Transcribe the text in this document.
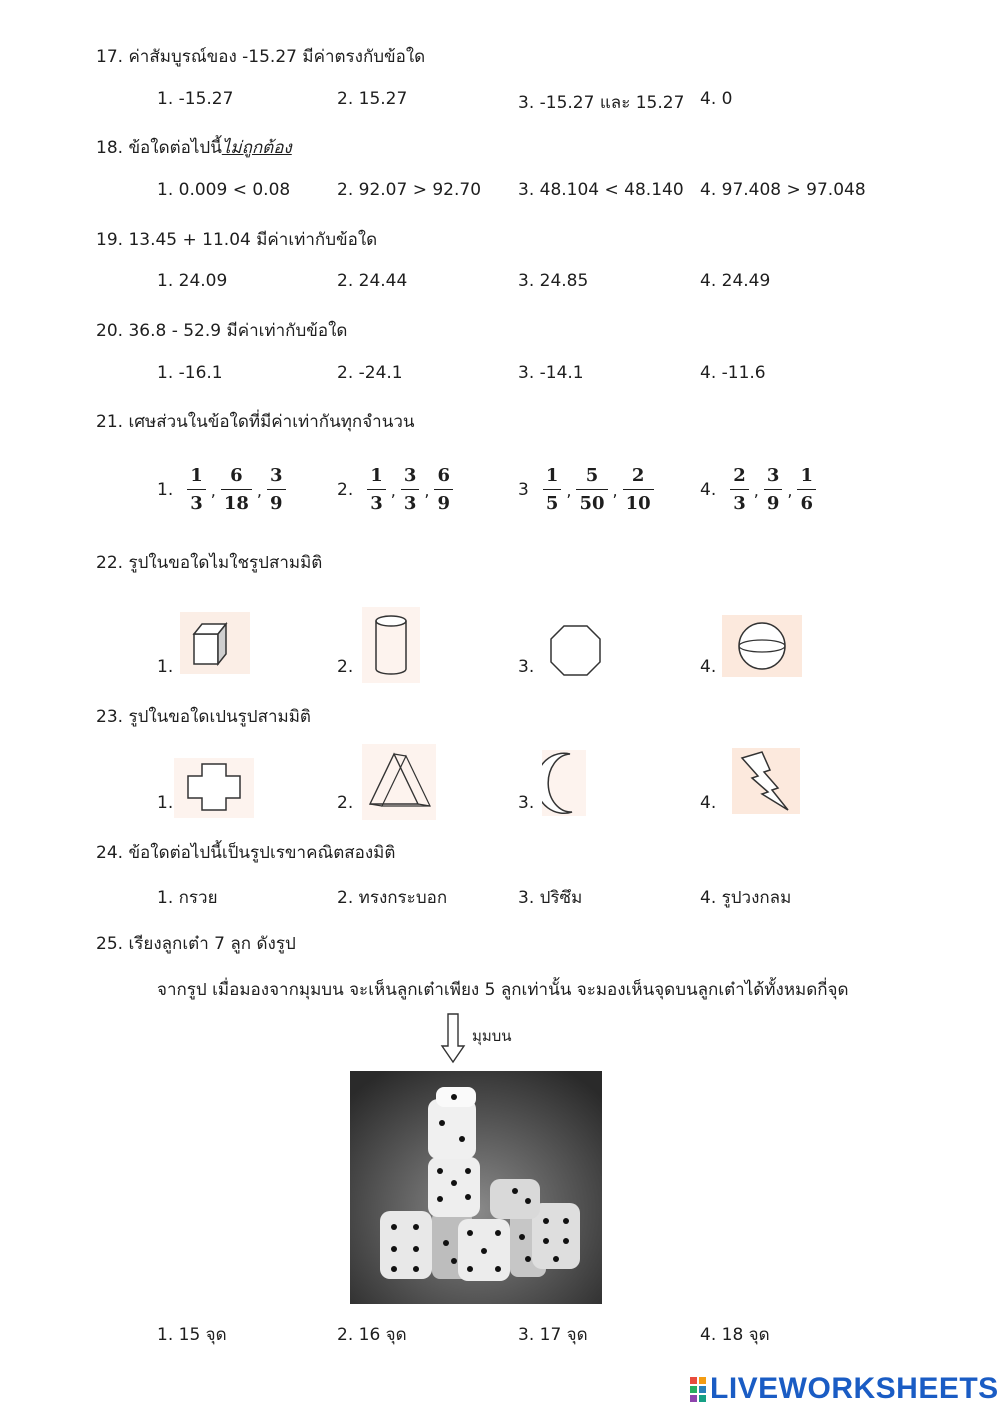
17. ค่าสัมบูรณ์ของ -15.27 มีค่าตรงกับข้อใด
1. -15.27	2. 15.27	3. -15.27 และ 15.27 4. 0
18. ข้อใดต่อไปนี้ไม่ถูกต้อง
1. 0.009 < 0.08	2. 92.07 > 92.70 3. 48.104 < 48.140 4. 97.408 > 97.048
19. 13.45 + 11.04 มีค่าเท่ากับข้อใด
1. 24.09	2. 24.44	3. 24.85	4. 24.49
20. 36.8 - 52.9 มีค่าเท่ากับข้อใด
1. -16.1	2. -24.1	3. -14.1	4. -11.6
21. เศษส่วนในข้อใดที่มีค่าเท่ากันทุกจำนวน
1. $\frac{1}{3}$ , $\frac{6}{18}$ , $\frac{3}{9}$	2. $\frac{1}{3}$ , $\frac{3}{3}$ , $\frac{6}{9}$	$3 \frac{1}{5}$ , $\frac{5}{50}$ , $\frac{2}{10}$	4. $\frac{2}{3}$ , $\frac{3}{9}$ , $\frac{1}{6}$
22. รูปในขอใดไมใชรูปสามมิติ
1.	2.	3.	4.
23. รูปในขอใดเปนรูปสามมิติ
1.	2.	3.	4.
24. ข้อใดต่อไปนี้เป็นรูปเรขาคณิตสองมิติ
1. กรวย	2. ทรงกระบอก	3. ปริซึม	4. รูปวงกลม
25. เรียงลูกเต๋า 7 ลูก ดังรูป
จากรูป เมื่อมองจากมุมบน จะเห็นลูกเต๋าเพียง 5 ลูกเท่านั้น จะมองเห็นจุดบนลูกเต๋าได้ทั้งหมดกี่จุด
มุมบน
1. 15 จุด	2. 16 จุด	3. 17 จุด	4. 18 จุด
LIVEWORKSHEETS
